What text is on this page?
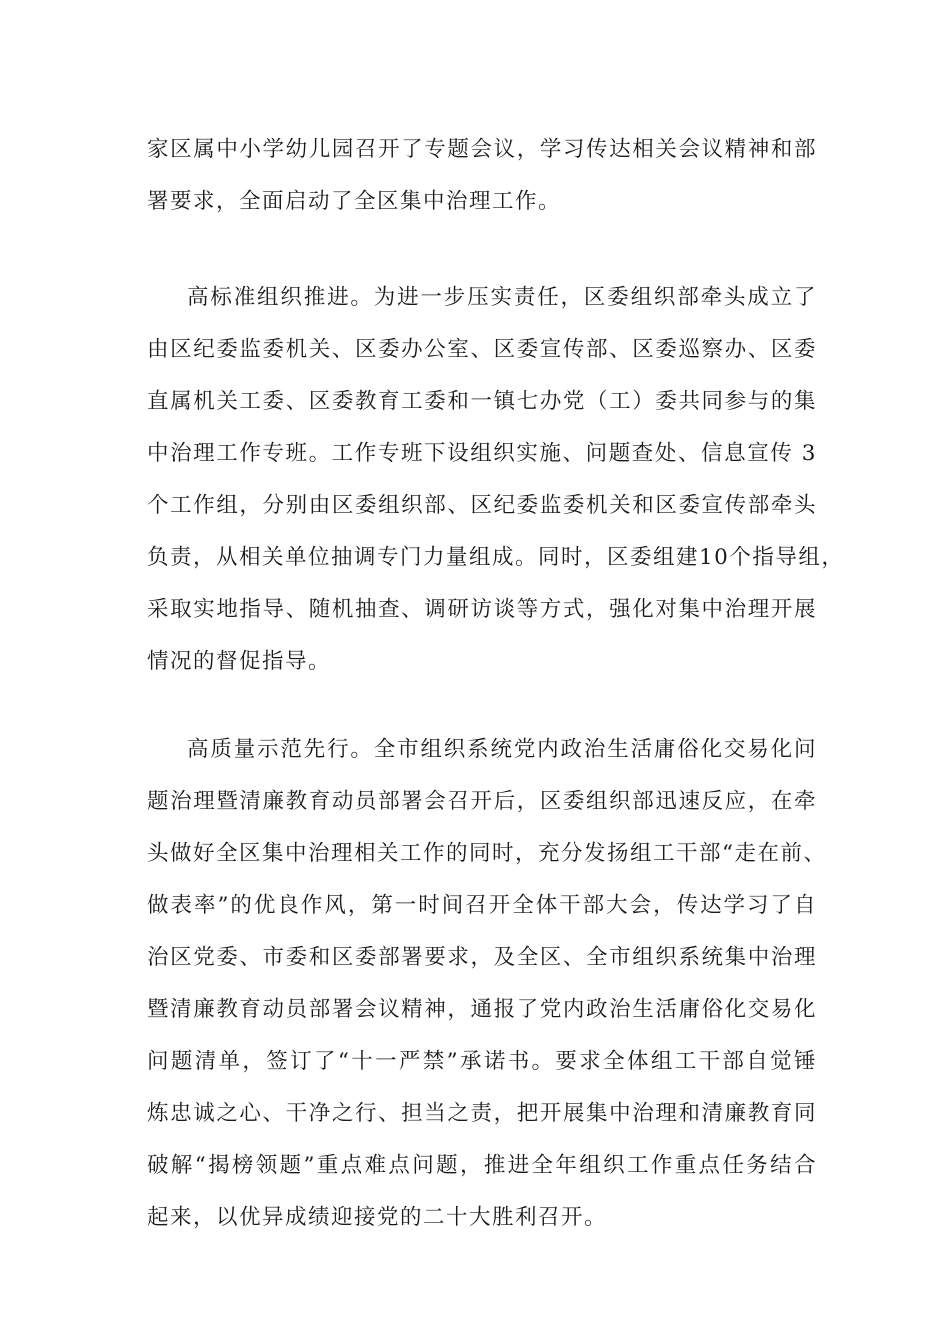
家区属中小学幼儿园召开了专题会议，学习传达相关会议精神和部
署要求，全面启动了全区集中治理工作。
高标准组织推进。为进一步压实责任，区委组织部牵头成立了
由区纪委监委机关、区委办公室、区委宣传部、区委巡察办、区委
直属机关工委、区委教育工委和一镇七办党（工）委共同参与的集
中治理工作专班。工作专班下设组织实施、问题查处、信息宣传 3
个工作组，分别由区委组织部、区纪委监委机关和区委宣传部牵头
负责，从相关单位抽调专门力量组成。同时，区委组建10个指导组，
采取实地指导、随机抽查、调研访谈等方式，强化对集中治理开展
情况的督促指导。
高质量示范先行。全市组织系统党内政治生活庸俗化交易化问
题治理暨清廉教育动员部署会召开后，区委组织部迅速反应，在牵
头做好全区集中治理相关工作的同时，充分发扬组工干部“走在前、
做表率”的优良作风，第一时间召开全体干部大会，传达学习了自
治区党委、市委和区委部署要求，及全区、全市组织系统集中治理
暨清廉教育动员部署会议精神，通报了党内政治生活庸俗化交易化
问题清单，签订了“十一严禁”承诺书。要求全体组工干部自觉锤
炼忠诚之心、干净之行、担当之责，把开展集中治理和清廉教育同
破解“揭榜领题”重点难点问题，推进全年组织工作重点任务结合
起来，以优异成绩迎接党的二十大胜利召开。
